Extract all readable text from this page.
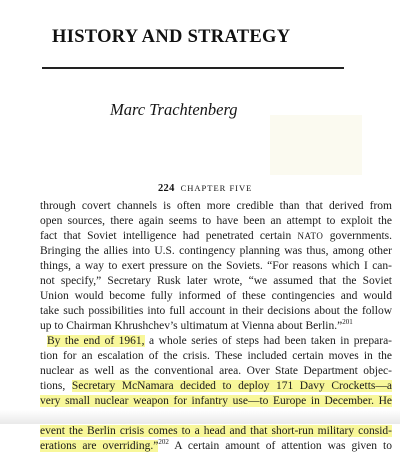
HISTORY AND STRATEGY
Marc Trachtenberg
224 CHAPTER FIVE
through covert channels is often more credible than that derived from
open sources, there again seems to have been an attempt to exploit the
fact that Soviet intelligence had penetrated certain NATO governments.
Bringing the allies into U.S. contingency planning was thus, among other
things, a way to exert pressure on the Soviets. “For reasons which I can-
not specify,” Secretary Rusk later wrote, “we assumed that the Soviet
Union would become fully informed of these contingencies and would
take such possibilities into full account in their decisions about the follow
up to Chairman Khrushchev’s ultimatum at Vienna about Berlin.”$^{201}$
By the end of 1961, a whole series of steps had been taken in prepara-
tion for an escalation of the crisis. These included certain moves in the
nuclear as well as the conventional area. Over State Department objec-
tions, Secretary McNamara decided to deploy 171 Davy Crocketts—a
very small nuclear weapon for infantry use—to Europe in December. He
event the Berlin crisis comes to a head and that short-run military consid-
erations are overriding.”$^{202}$ A certain amount of attention was given to
